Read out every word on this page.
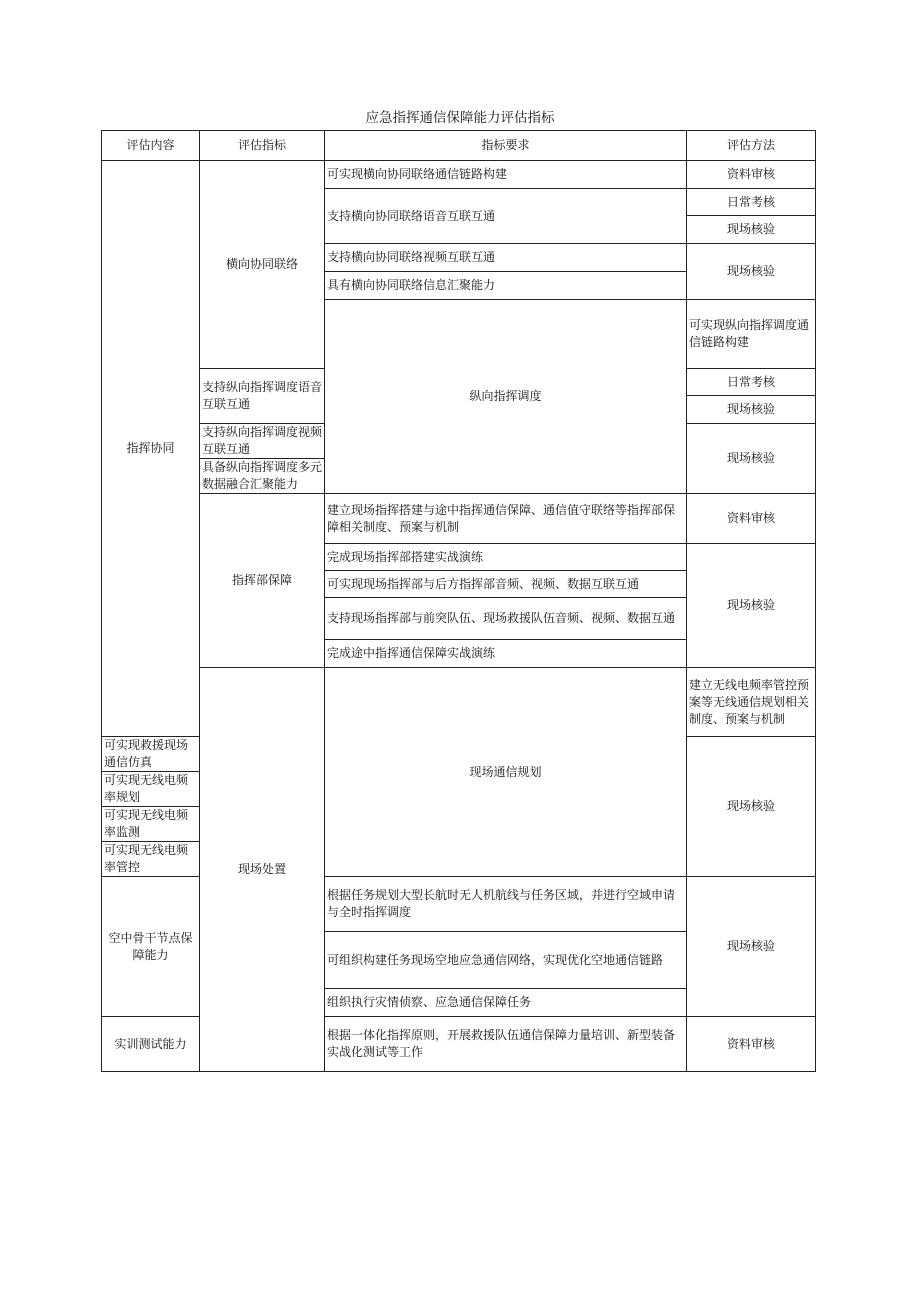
应急指挥通信保障能力评估指标
评估内容	评估指标	指标要求	评估方法	
指挥协同	横向协同联络	可实现横向协同联络通信链路构建	资料审核	
		支持横向协同联络语音互联互通	日常考核	
			现场核验	
		支持横向协同联络视频互联互通	现场核验	
		具有横向协同联络信息汇聚能力		
		纵向指挥调度	可实现纵向指挥调度通信链路构建	
	支持纵向指挥调度语音互联互通		日常考核	
			现场核验	
	支持纵向指挥调度视频互联互通		现场核验	
	具备纵向指挥调度多元数据融合汇聚能力			
	指挥部保障	建立现场指挥搭建与途中指挥通信保障、通信值守联络等指挥部保障相关制度、预案与机制	资料审核	
		完成现场指挥部搭建实战演练	现场核验	
		可实现现场指挥部与后方指挥部音频、视频、数据互联互通		
		支持现场指挥部与前突队伍、现场救援队伍音频、视频、数据互通		
		完成途中指挥通信保障实战演练		
	现场处置	现场通信规划	建立无线电频率管控预案等无线通信规划相关制度、预案与机制	
可实现救援现场通信仿真			现场核验	
可实现无线电频率规划				
可实现无线电频率监测				
可实现无线电频率管控				
空中骨干节点保障能力		根据任务规划大型长航时无人机航线与任务区域，并进行空域申请与全时指挥调度	现场核验	
		可组织构建任务现场空地应急通信网络，实现优化空地通信链路		
		组织执行灾情侦察、应急通信保障任务		
实训测试能力		根据一体化指挥原则，开展救援队伍通信保障力量培训、新型装备实战化测试等工作	资料审核	
